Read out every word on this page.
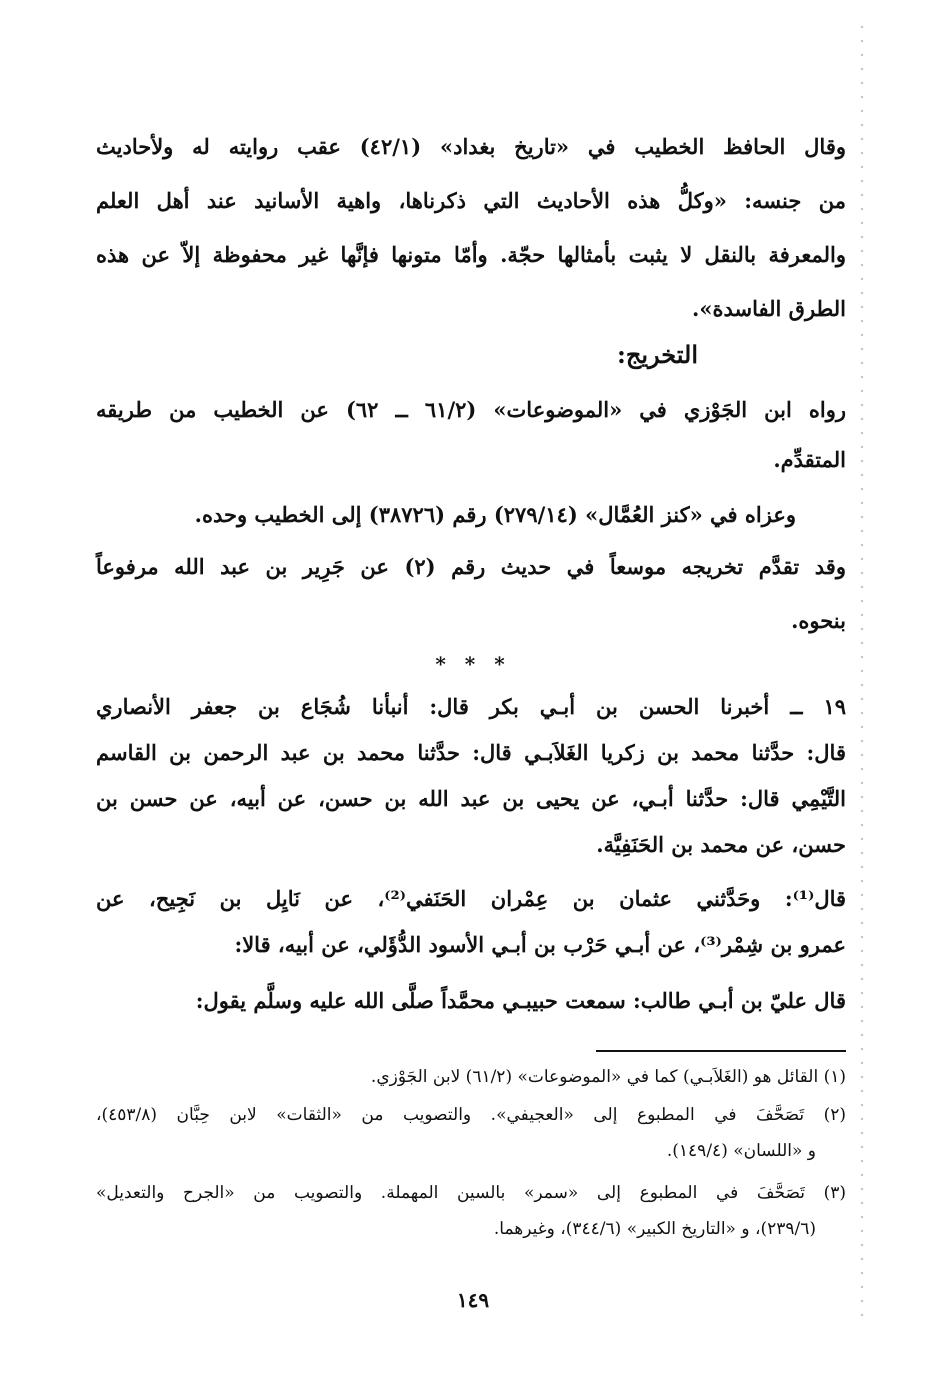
وقال الحافظ الخطيب في «تاريخ بغداد» (٤٢/١) عقب روايته له ولأحاديث
من جنسه: «وكلُّ هذه الأحاديث التي ذكرناها، واهية الأسانيد عند أهل العلم
والمعرفة بالنقل لا يثبت بأمثالها حجّة. وأمّا متونها فإنَّها غير محفوظة إلاّ عن هذه
الطرق الفاسدة».
التخريج:
رواه ابن الجَوْزي في «الموضوعات» (٦١/٢ ــ ٦٢) عن الخطيب من طريقه
المتقدِّم.
وعزاه في «كنز العُمَّال» (٢٧٩/١٤) رقم (٣٨٧٢٦) إلى الخطيب وحده.
وقد تقدَّم تخريجه موسعاً في حديث رقم (٢) عن جَرِير بن عبد الله مرفوعاً
بنحوه.
* * *
١٩ ــ أخبرنا الحسن بن أبـي بكر قال: أنبأنا شُجَاع بن جعفر الأنصاري
قال: حدَّثنا محمد بن زكريا الغَلاَبـي قال: حدَّثنا محمد بن عبد الرحمن بن القاسم
التَّيْمِي قال: حدَّثنا أبـي، عن يحيى بن عبد الله بن حسن، عن أبيه، عن حسن بن
حسن، عن محمد بن الحَنَفِيَّة.
قال⁽¹⁾: وحَدَّثني عثمان بن عِمْران الحَنَفي⁽²⁾، عن نَايِل بن نَجِيح، عن
عمرو بن شِمْر⁽³⁾، عن أبـي حَرْب بن أبـي الأسود الدُّؤَلي، عن أبيه، قالا:
قال عليّ بن أبـي طالب: سمعت حبيبـي محمَّداً صلَّى الله عليه وسلَّم يقول:
(١) القائل هو (الغَلاَبـي) كما في «الموضوعات» (٦١/٢) لابن الجَوْزي.
(٢) تَصَحَّفَ في المطبوع إلى «العجيفي». والتصويب من «الثقات» لابن حِبَّان (٤٥٣/٨)،
و «اللسان» (١٤٩/٤).
(٣) تَصَحَّفَ في المطبوع إلى «سمر» بالسين المهملة. والتصويب من «الجرح والتعديل»
(٢٣٩/٦)، و «التاريخ الكبير» (٣٤٤/٦)، وغيرهما.
١٤٩
